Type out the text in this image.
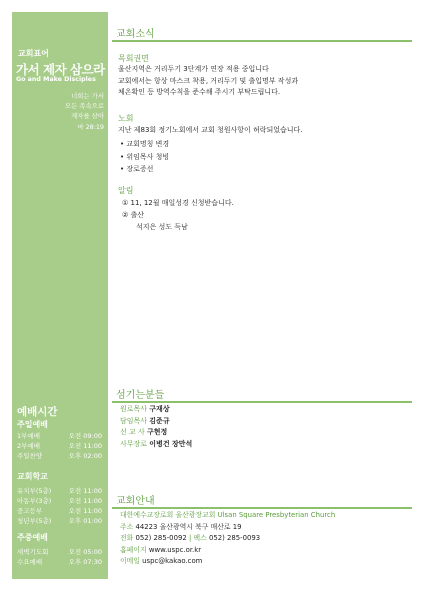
교회표어
가서 제자 삼으라
Go and Make Disciples
너희는 가서
모든 족속으로
제자를 삼아
마 28:19
예배시간
주일예배
1부예배	오전 09:00
2부예배	오전 11:00
주일찬양	오후 02:00
교회학교
유치부(5층)	오전 11:00
아동부(3층)	오전 11:00
중고등부	오전 11:00
청년부(5층)	오후 01:00
주중예배
새벽기도회	오전 05:00
수요예배	오후 07:30
교회소식
목회권면
울산지역은 거리두기 3단계가 연장 적용 중입니다
교회에서는 항상 마스크 착용, 거리두기 및 출입명부 작성과
체온확인 등 방역수칙을 준수해 주시기 부탁드립니다.
노회
지난 제83회 정기노회에서 교회 청원사항이 허락되었습니다.
• 교회명칭 변경
• 위임목사 청빙
• 장로증선
알림
① 11, 12월 매일성경 신청받습니다.
② 출산
석지은 성도 득남
섬기는분들
원로목사 구재상
담임목사 김준규
선 교 사 구현정
사무장로 이병건 장만석
교회안내
대한예수교장로회 울산광장교회 Ulsan Square Presbyterian Church
주소 44223 울산광역시 북구 매산로 19
전화 052) 285-0092 | 팩스 052) 285-0093
홈페이지 www.uspc.or.kr
이메일 uspc@kakao.com
